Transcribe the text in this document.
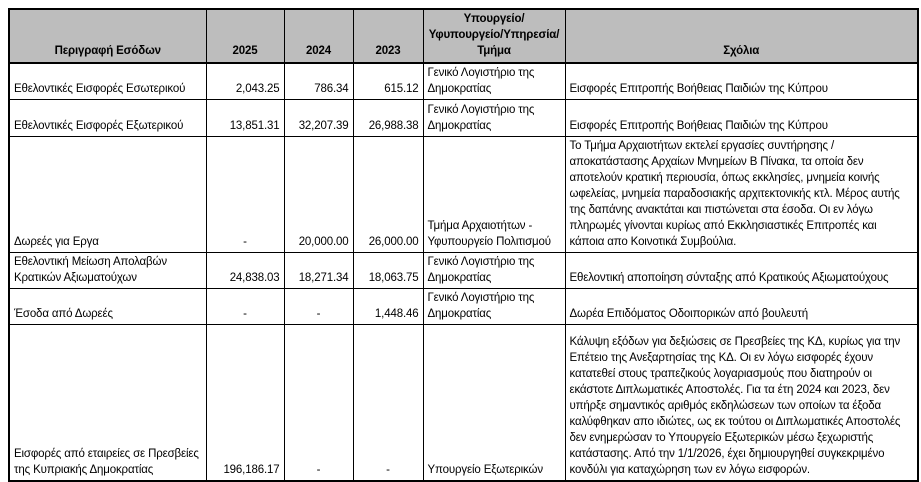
Περιγραφή Εσόδων	2025	2024	2023	Υπουργείο/Υφυπουργείο/Υπηρεσία/Τμήμα	Σχόλια
Εθελοντικές Εισφορές Εσωτερικού	2,043.25	786.34	615.12	Γενικό Λογιστήριο της Δημοκρατίας	Εισφορές Επιτροπής Βοήθειας Παιδιών της Κύπρου
Εθελοντικές Εισφορές Εξωτερικού	13,851.31	32,207.39	26,988.38	Γενικό Λογιστήριο της Δημοκρατίας	Εισφορές Επιτροπής Βοήθειας Παιδιών της Κύπρου
Δωρεές για Εργα	-	20,000.00	26,000.00	Τμήμα Αρχαιοτήτων - Υφυπουργείο Πολιτισμού	Το Τμήμα Αρχαιοτήτων εκτελεί εργασίες συντήρησης / αποκατάστασης Αρχαίων Μνημείων Β Πίνακα, τα οποία δεν αποτελούν κρατική περιουσία, όπως εκκλησίες, μνημεία κοινής ωφελείας, μνημεία παραδοσιακής αρχιτεκτονικής κτλ. Μέρος αυτής της δαπάνης ανακτάται και πιστώνεται στα έσοδα. Οι εν λόγω πληρωμές γίνονται κυρίως από Εκκλησιαστικές Επιτροπές και κάποια απο Κοινοτικά Συμβούλια.
Εθελοντική Μείωση Απολαβών Κρατικών Αξιωματούχων	24,838.03	18,271.34	18,063.75	Γενικό Λογιστήριο της Δημοκρατίας	Εθελοντική αποποίηση σύνταξης από Κρατικούς Αξιωματούχους
Έσοδα από Δωρεές	-	-	1,448.46	Γενικό Λογιστήριο της Δημοκρατίας	Δωρέα Επιδόματος Οδοιπορικών από βουλευτή
Εισφορές από εταιρείες σε Πρεσβείες της Κυπριακής Δημοκρατίας	196,186.17	-	-	Υπουργείο Εξωτερικών	Κάλυψη εξόδων για δεξιώσεις σε Πρεσβείες της ΚΔ, κυρίως για την Επέτειο της Ανεξαρτησίας της ΚΔ. Οι εν λόγω εισφορές έχουν κατατεθεί στους τραπεζικούς λογαριασμούς που διατηρούν οι εκάστοτε Διπλωματικές Αποστολές. Για τα έτη 2024 και 2023, δεν υπήρξε σημαντικός αριθμός εκδηλώσεων των οποίων τα έξοδα καλύφθηκαν απο ιδιώτες, ως εκ τούτου οι Διπλωματικές Αποστολές δεν ενημερώσαν το Υπουργείο Εξωτερικών μέσω ξεχωριστής κατάστασης. Από την 1/1/2026, έχει δημιουργηθεί συγκεκριμένο κονδύλι για καταχώρηση των εν λόγω εισφορών.
